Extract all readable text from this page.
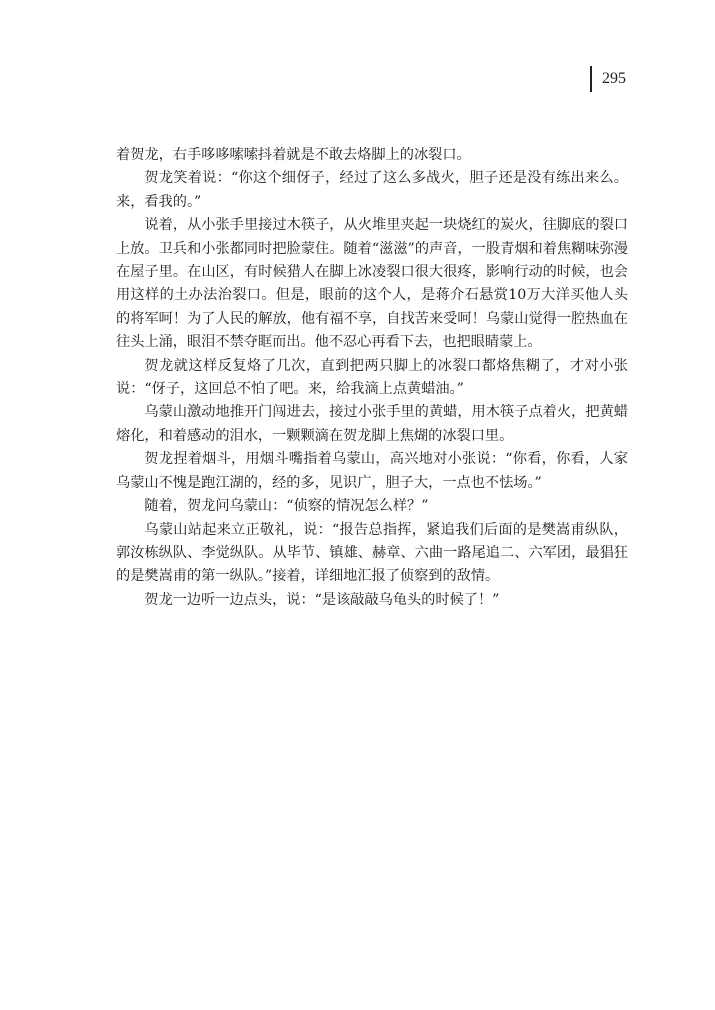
295

着贺龙，右手哆哆嗦嗦抖着就是不敢去烙脚上的冰裂口。

贺龙笑着说：“你这个细伢子，经过了这么多战火，胆子还是没有练出来么。来，看我的。”

说着，从小张手里接过木筷子，从火堆里夹起一块烧红的炭火，往脚底的裂口上放。卫兵和小张都同时把脸蒙住。随着“滋滋”的声音，一股青烟和着焦糊味弥漫在屋子里。在山区，有时候猎人在脚上冰凌裂口很大很疼，影响行动的时候，也会用这样的土办法治裂口。但是，眼前的这个人，是蒋介石悬赏10万大洋买他人头的将军呵！为了人民的解放，他有福不享，自找苦来受呵！乌蒙山觉得一腔热血在往头上涌，眼泪不禁夺眶而出。他不忍心再看下去，也把眼睛蒙上。

贺龙就这样反复烙了几次，直到把两只脚上的冰裂口都烙焦糊了，才对小张说：“伢子，这回总不怕了吧。来，给我滴上点黄蜡油。”

乌蒙山激动地推开门闯进去，接过小张手里的黄蜡，用木筷子点着火，把黄蜡熔化，和着感动的泪水，一颗颗滴在贺龙脚上焦煳的冰裂口里。

贺龙捏着烟斗，用烟斗嘴指着乌蒙山，高兴地对小张说：“你看，你看，人家乌蒙山不愧是跑江湖的，经的多，见识广，胆子大，一点也不怯场。”

随着，贺龙问乌蒙山：“侦察的情况怎么样？”

乌蒙山站起来立正敬礼，说：“报告总指挥，紧追我们后面的是樊嵩甫纵队，郭汝栋纵队、李觉纵队。从毕节、镇雄、赫章、六曲一路尾追二、六军团，最猖狂的是樊嵩甫的第一纵队。”接着，详细地汇报了侦察到的敌情。

贺龙一边听一边点头，说：“是该敲敲乌龟头的时候了！”
